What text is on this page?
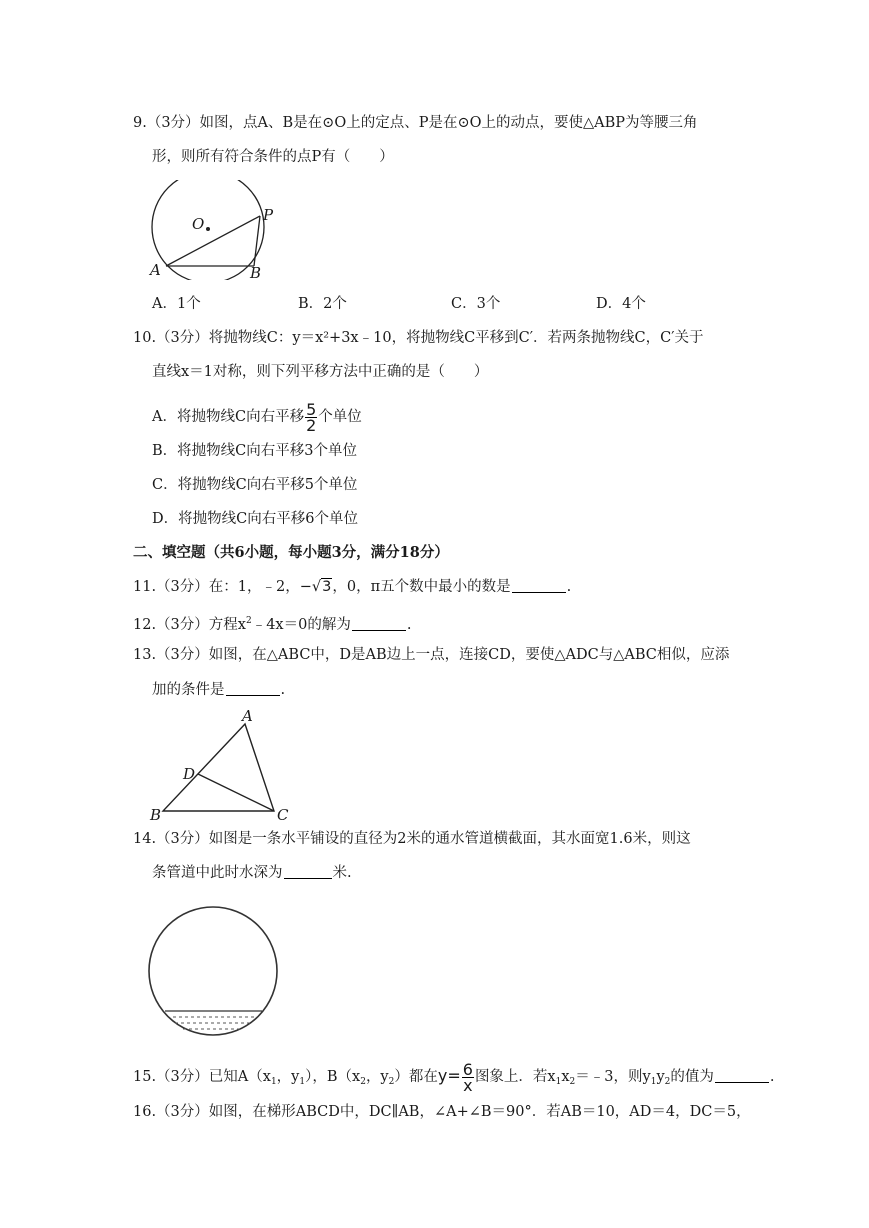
9.（3分）如图，点A、B是在⊙O上的定点、P是在⊙O上的动点，要使△ABP为等腰三角
形，则所有符合条件的点P有（　　）
O	P
A	B
A．1个	B．2个	C．3个	D．4个
10.（3分）将抛物线C：y＝x²+3x﹣10，将抛物线C平移到C′．若两条抛物线C，C′关于
直线x＝1对称，则下列平移方法中正确的是（　　）
A．将抛物线C向右平移 $\frac{5}{2}$ 个单位
B．将抛物线C向右平移3个单位
C．将抛物线C向右平移5个单位
D．将抛物线C向右平移6个单位
二、填空题（共6小题，每小题3分，满分18分）
11.（3分）在：1，﹣2，−√3，0，π五个数中最小的数是	.
12.（3分）方程$x^2﹣4x=0$的解为	.
13.（3分）如图，在△ABC中，D是AB边上一点，连接CD，要使△ADC与△ABC相似，应添
加的条件是	.
A
D
B	C
14.（3分）如图是一条水平铺设的直径为2米的通水管道横截面，其水面宽1.6米，则这
条管道中此时水深为	米.
15.（3分）已知$A(x_1$，$y_1$），$B(x_2$，$y_2$）都在$y= \frac{6}{x}$ 图象上．若$x_1x_2=﹣3$，则$y_1y_2$的值为	.
16.（3分）如图，在梯形ABCD中，DC∥AB，∠A+∠B＝90°．若AB＝10，AD＝4，DC＝5，
